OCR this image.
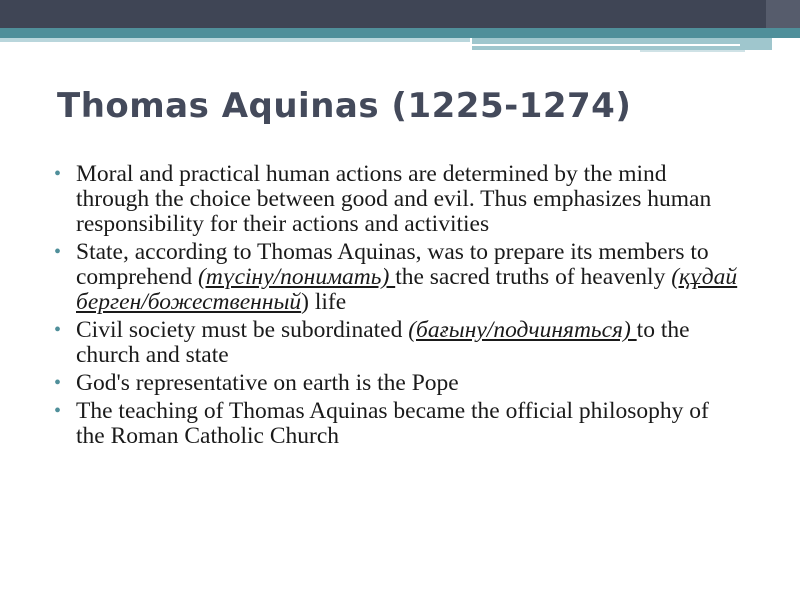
Thomas Aquinas (1225-1274)
• Moral and practical human actions are determined by the mind through the choice between good and evil. Thus emphasizes human responsibility for their actions and activities
• State, according to Thomas Aquinas, was to prepare its members to comprehend (түсіну/понимать) the sacred truths of heavenly (құдай берген/божественный) life
• Civil society must be subordinated (бағыну/подчиняться) to the church and state
• God's representative on earth is the Pope
• The teaching of Thomas Aquinas became the official philosophy of the Roman Catholic Church
